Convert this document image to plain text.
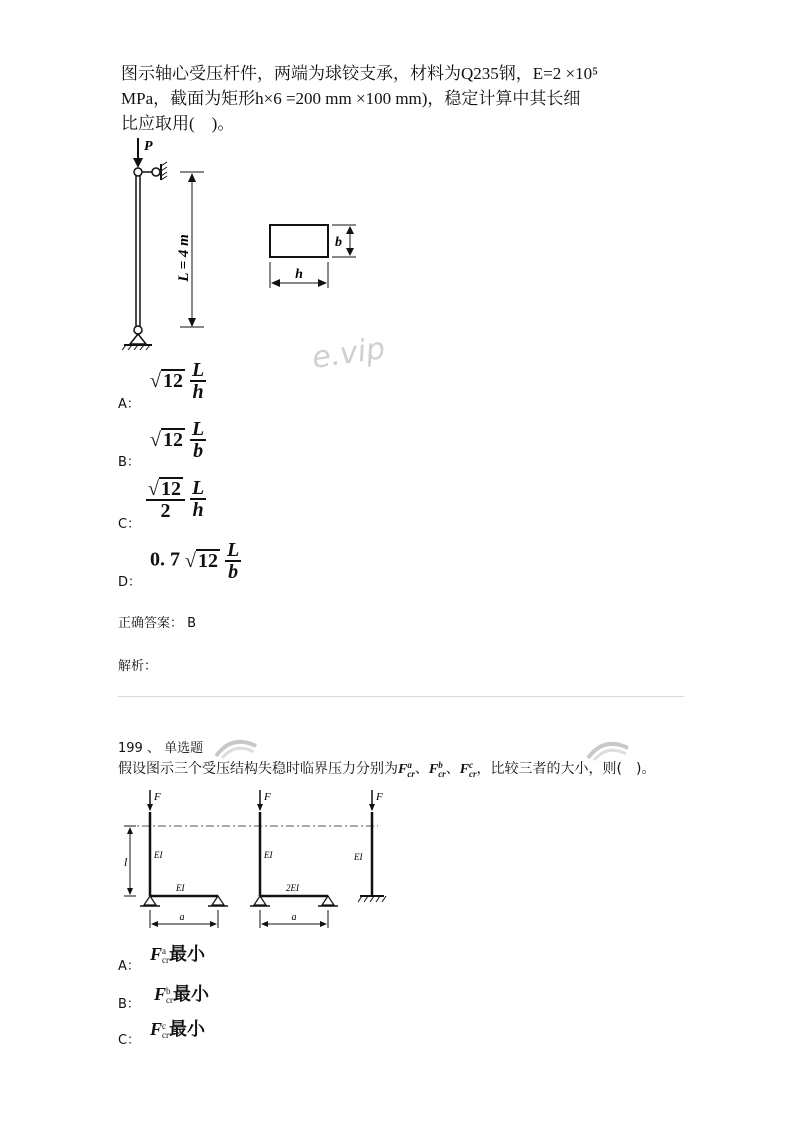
图示轴心受压杆件，两端为球铰支承，材料为Q235钢，E=2 ×10⁵
MPa，截面为矩形h×6 =200 mm ×100 mm)，稳定计算中其长细
比应取用(　)。
P
L = 4 m	b
h
e.vip
A：
√ $12 \frac{L}{h}$
B：
√ $12 \frac{L}{b}$
C：
$\frac{√ 12}{2}$
$\frac{L}{h}$
D：
0. 7 √ $12 \frac{L}{b}$
正确答案： B
解析：
199 、 单选题
假设图示三个受压结构失稳时临界压力分别为F a
cr 、F b
cr 、F c
cr ，比较三者的大小，则(　)。
l
F
EI
EI
a
F
EI
2EI
a
F
EI
A：
F a
cr 最小
B：
F b
cr 最小
C：
F c
cr 最小
